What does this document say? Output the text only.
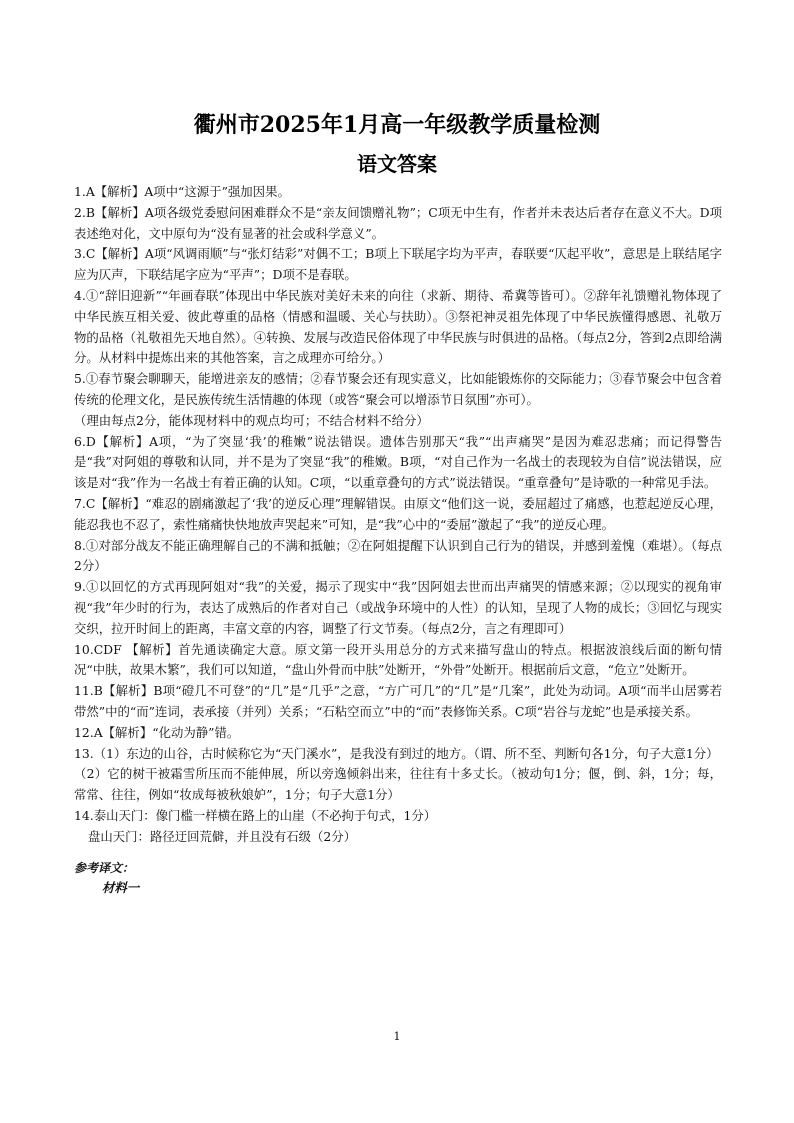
衢州市2025年1月高一年级教学质量检测
语文答案

1.A【解析】A项中“这源于”强加因果。

2.B【解析】A项各级党委慰问困难群众不是“亲友间馈赠礼物”；C项无中生有，作者并未表达后者存在意义不大。D项表述绝对化，文中原句为“没有显著的社会或科学意义”。

3.C【解析】A项“风调雨顺”与“张灯结彩”对偶不工；B项上下联尾字均为平声，春联要“仄起平收”，意思是上联结尾字应为仄声，下联结尾字应为“平声”；D项不是春联。

4.①“辞旧迎新”“年画春联”体现出中华民族对美好未来的向往（求新、期待、希冀等皆可）。②辞年礼馈赠礼物体现了中华民族互相关爱、彼此尊重的品格（情感和温暖、关心与扶助）。③祭祀神灵祖先体现了中华民族懂得感恩、礼敬万物的品格（礼敬祖先天地自然）。④转换、发展与改造民俗体现了中华民族与时俱进的品格。（每点2分，答到2点即给满分。从材料中提炼出来的其他答案，言之成理亦可给分。）

5.①春节聚会聊聊天，能增进亲友的感情；②春节聚会还有现实意义，比如能锻炼你的交际能力；③春节聚会中包含着传统的伦理文化，是民族传统生活情趣的体现（或答“聚会可以增添节日氛围”亦可）。

（理由每点2分，能体现材料中的观点均可；不结合材料不给分）

6.D【解析】A项，“为了突显‘我’的稚嫩”说法错误。遗体告别那天“我”“出声痛哭”是因为难忍悲痛；而记得警告是“我”对阿姐的尊敬和认同，并不是为了突显“我”的稚嫩。B项，“对自己作为一名战士的表现较为自信”说法错误，应该是对“我”作为一名战士有着正确的认知。C项，“以重章叠句的方式”说法错误。“重章叠句”是诗歌的一种常见手法。

7.C【解析】“难忍的剧痛激起了‘我’的逆反心理”理解错误。由原文“他们这一说，委屈超过了痛感，也惹起逆反心理，能忍我也不忍了，索性痛痛快快地放声哭起来”可知，是“我”心中的“委屈”激起了“我”的逆反心理。

8.①对部分战友不能正确理解自己的不满和抵触；②在阿姐提醒下认识到自己行为的错误，并感到羞愧（难堪）。（每点2分）

9.①以回忆的方式再现阿姐对“我”的关爱，揭示了现实中“我”因阿姐去世而出声痛哭的情感来源；②以现实的视角审视“我”年少时的行为，表达了成熟后的作者对自己（或战争环境中的人性）的认知，呈现了人物的成长；③回忆与现实交织，拉开时间上的距离，丰富文章的内容，调整了行文节奏。（每点2分，言之有理即可）

10.CDF 【解析】首先通读确定大意。原文第一段开头用总分的方式来描写盘山的特点。根据波浪线后面的断句情况“中肤，故果木繁”，我们可以知道，“盘山外骨而中肤”处断开，“外骨”处断开。根据前后文意，“危立”处断开。

11.B【解析】B项“磴几不可登”的“几”是“几乎”之意，“方广可几”的“几”是“几案”，此处为动词。A项“而半山居雾若带然”中的“而”连词，表承接（并列）关系；“石粘空而立”中的“而”表修饰关系。C项“岩谷与龙蛇”也是承接关系。

12.A【解析】“化动为静”错。

13.（1）东边的山谷，古时候称它为“天门溪水”，是我没有到过的地方。（谓、所不至、判断句各1分，句子大意1分）

（2）它的树干被霜雪所压而不能伸展，所以旁逸倾斜出来，往往有十多丈长。（被动句1分；偃，倒、斜，1分；每，常常、往往，例如“妆成每被秋娘妒”，1分；句子大意1分）

14.泰山天门：像门槛一样横在路上的山崖（不必拘于句式，1分）

盘山天门：路径迂回荒僻，并且没有石级（2分）

参考译文：

材料一

1
